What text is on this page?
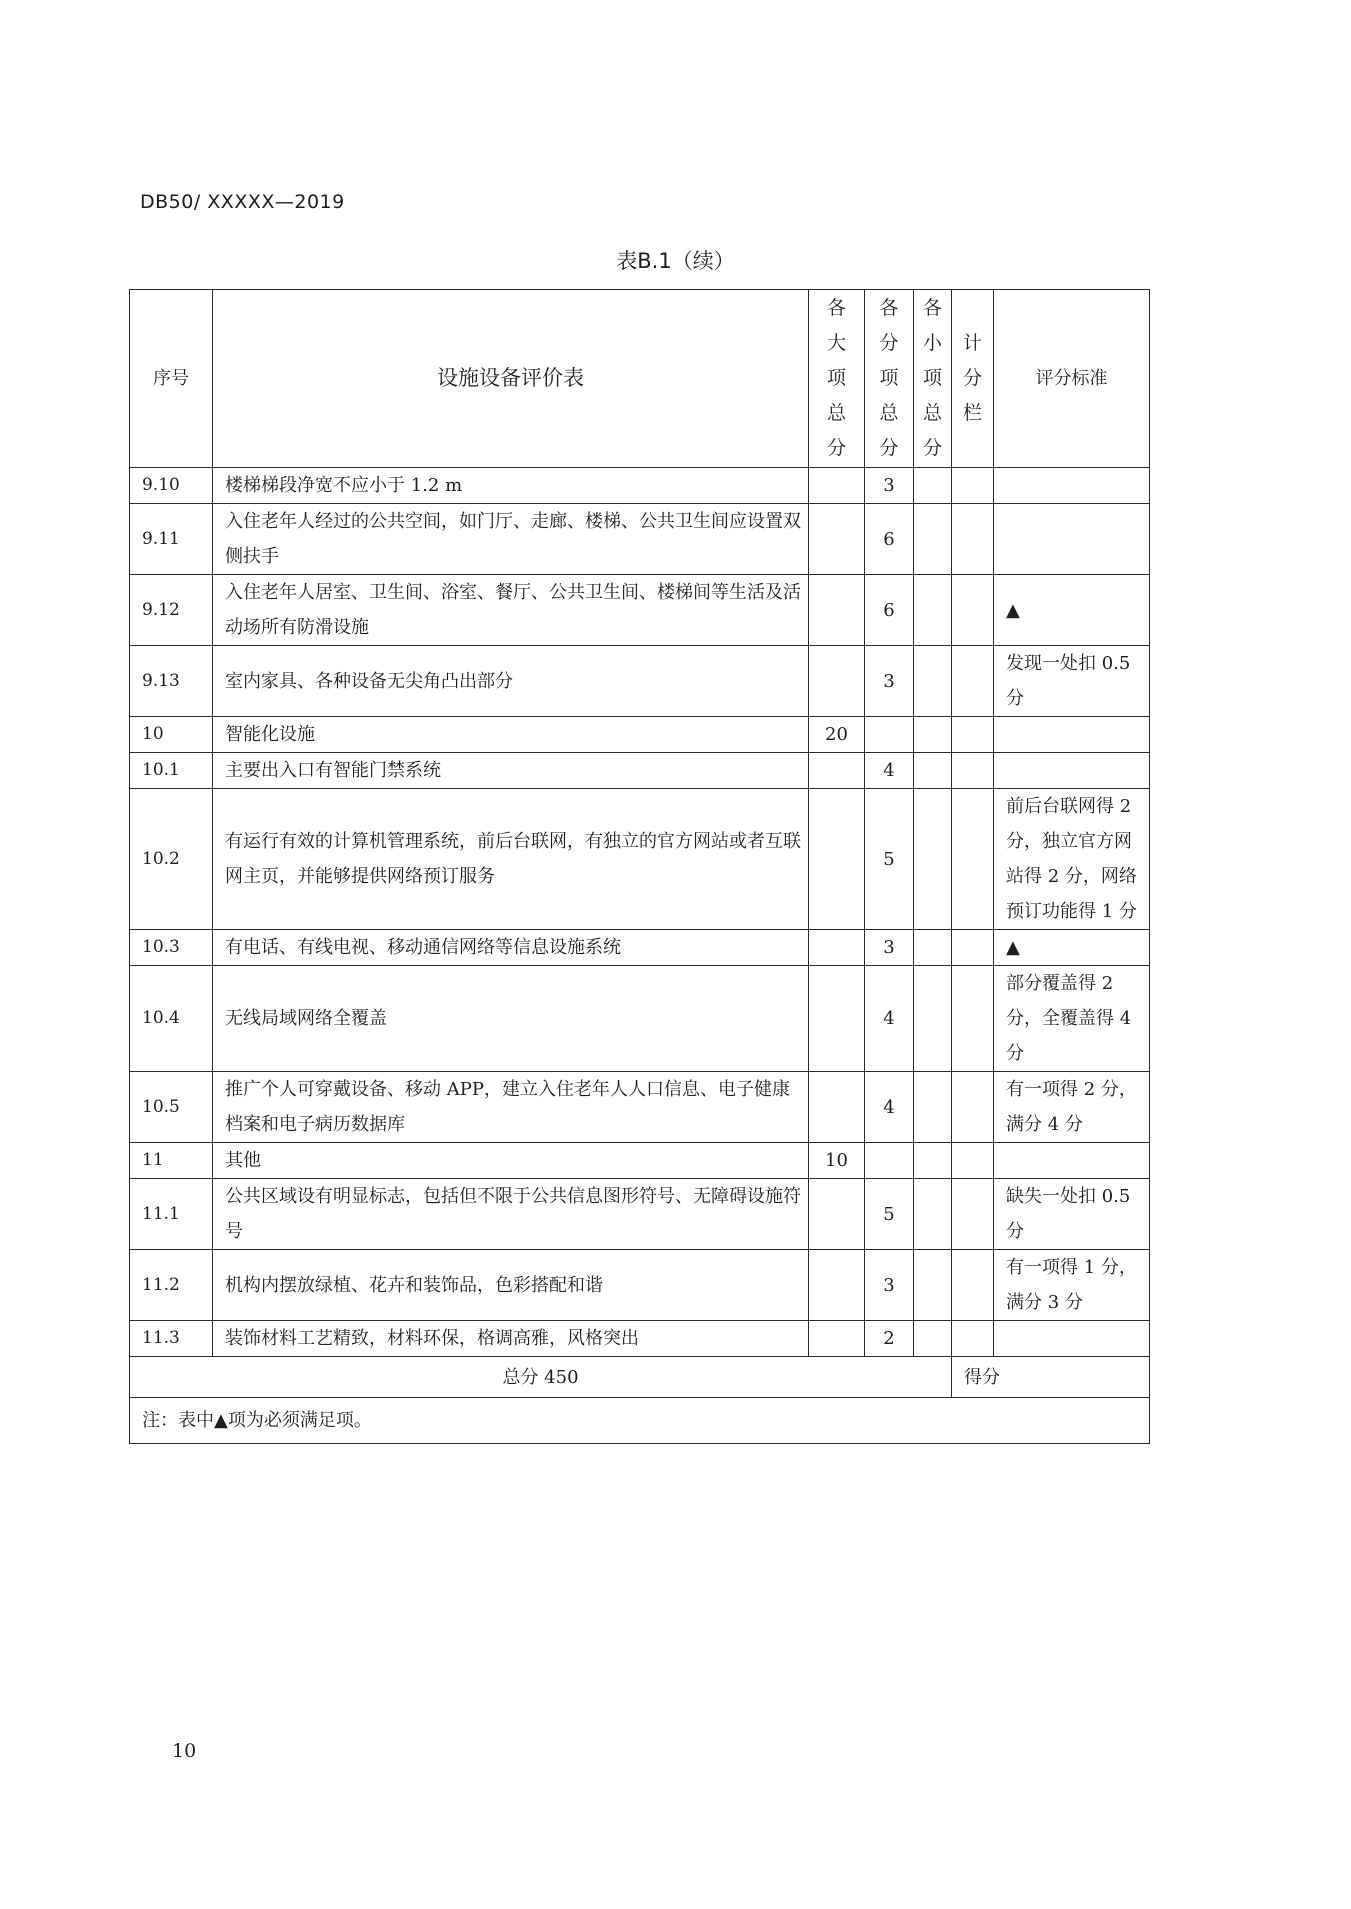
DB50/ XXXXX—2019
表B.1（续）
序号	设施设备评价表	各
大
项
总
分	各
分
项
总
分	各
小
项
总
分	计
分
栏	评分标准
9.10	楼梯梯段净宽不应小于 1.2 m		3			
9.11	入住老年人经过的公共空间，如门厅、走廊、楼梯、公共卫生间应设置双侧扶手		6			
9.12	入住老年人居室、卫生间、浴室、餐厅、公共卫生间、楼梯间等生活及活动场所有防滑设施		6			▲
9.13	室内家具、各种设备无尖角凸出部分		3			发现一处扣 0.5 分
10	智能化设施	20				
10.1	主要出入口有智能门禁系统		4			
10.2	有运行有效的计算机管理系统，前后台联网，有独立的官方网站或者互联网主页，并能够提供网络预订服务		5			前后台联网得 2 分，独立官方网站得 2 分，网络预订功能得 1 分
10.3	有电话、有线电视、移动通信网络等信息设施系统		3			▲
10.4	无线局域网络全覆盖		4			部分覆盖得 2 分，全覆盖得 4 分
10.5	推广个人可穿戴设备、移动 APP，建立入住老年人人口信息、电子健康档案和电子病历数据库		4			有一项得 2 分，满分 4 分
11	其他	10				
11.1	公共区域设有明显标志，包括但不限于公共信息图形符号、无障碍设施符号		5			缺失一处扣 0.5 分
11.2	机构内摆放绿植、花卉和装饰品，色彩搭配和谐		3			有一项得 1 分，满分 3 分
11.3	装饰材料工艺精致，材料环保，格调高雅，风格突出		2			
总分 450					得分	
注：表中▲项为必须满足项。						
10
